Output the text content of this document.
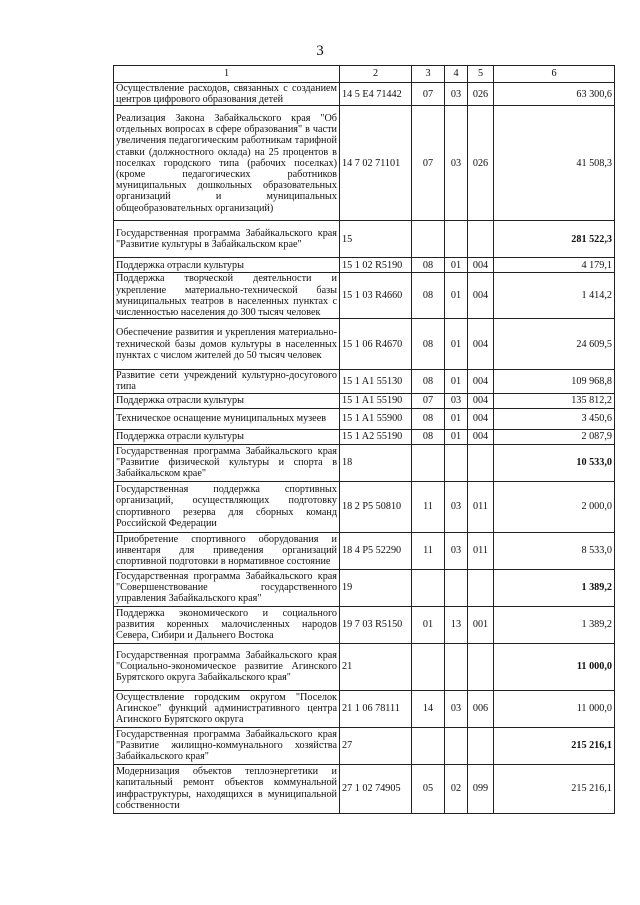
3
1	2	3	4	5	6
Осуществление расходов, связанных с созданием центров цифрового образования детей	14 5 E4 71442	07	03	026	63 300,6
Реализация Закона Забайкальского края "Об отдельных вопросах в сфере образования" в части увеличения педагогическим работникам тарифной ставки (должностного оклада) на 25 процентов в поселках городского типа (рабочих поселках) (кроме педагогических работников муниципальных дошкольных образовательных организаций и муниципальных общеобразовательных организаций)	14 7 02 71101	07	03	026	41 508,3
Государственная программа Забайкальского края "Развитие культуры в Забайкальском крае"	15				281 522,3
Поддержка отрасли культуры	15 1 02 R5190	08	01	004	4 179,1
Поддержка творческой деятельности и укрепление материально-технической базы муниципальных театров в населенных пунктах с численностью населения до 300 тысяч человек	15 1 03 R4660	08	01	004	1 414,2
Обеспечение развития и укрепления материально-технической базы домов культуры в населенных пунктах с числом жителей до 50 тысяч человек	15 1 06 R4670	08	01	004	24 609,5
Развитие сети учреждений культурно-досугового типа	15 1 A1 55130	08	01	004	109 968,8
Поддержка отрасли культуры	15 1 A1 55190	07	03	004	135 812,2
Техническое оснащение муниципальных музеев	15 1 A1 55900	08	01	004	3 450,6
Поддержка отрасли культуры	15 1 A2 55190	08	01	004	2 087,9
Государственная программа Забайкальского края "Развитие физической культуры и спорта в Забайкальском крае"	18				10 533,0
Государственная поддержка спортивных организаций, осуществляющих подготовку спортивного резерва для сборных команд Российской Федерации	18 2 P5 50810	11	03	011	2 000,0
Приобретение спортивного оборудования и инвентаря для приведения организаций спортивной подготовки в нормативное состояние	18 4 P5 52290	11	03	011	8 533,0
Государственная программа Забайкальского края "Совершенствование государственного управления Забайкальского края"	19				1 389,2
Поддержка экономического и социального развития коренных малочисленных народов Севера, Сибири и Дальнего Востока	19 7 03 R5150	01	13	001	1 389,2
Государственная программа Забайкальского края "Социально-экономическое развитие Агинского Бурятского округа Забайкальского края"	21				11 000,0
Осуществление городским округом "Поселок Агинское" функций административного центра Агинского Бурятского округа	21 1 06 78111	14	03	006	11 000,0
Государственная программа Забайкальского края "Развитие жилищно-коммунального хозяйства Забайкальского края"	27				215 216,1
Модернизация объектов теплоэнергетики и капитальный ремонт объектов коммунальной инфраструктуры, находящихся в муниципальной собственности	27 1 02 74905	05	02	099	215 216,1
